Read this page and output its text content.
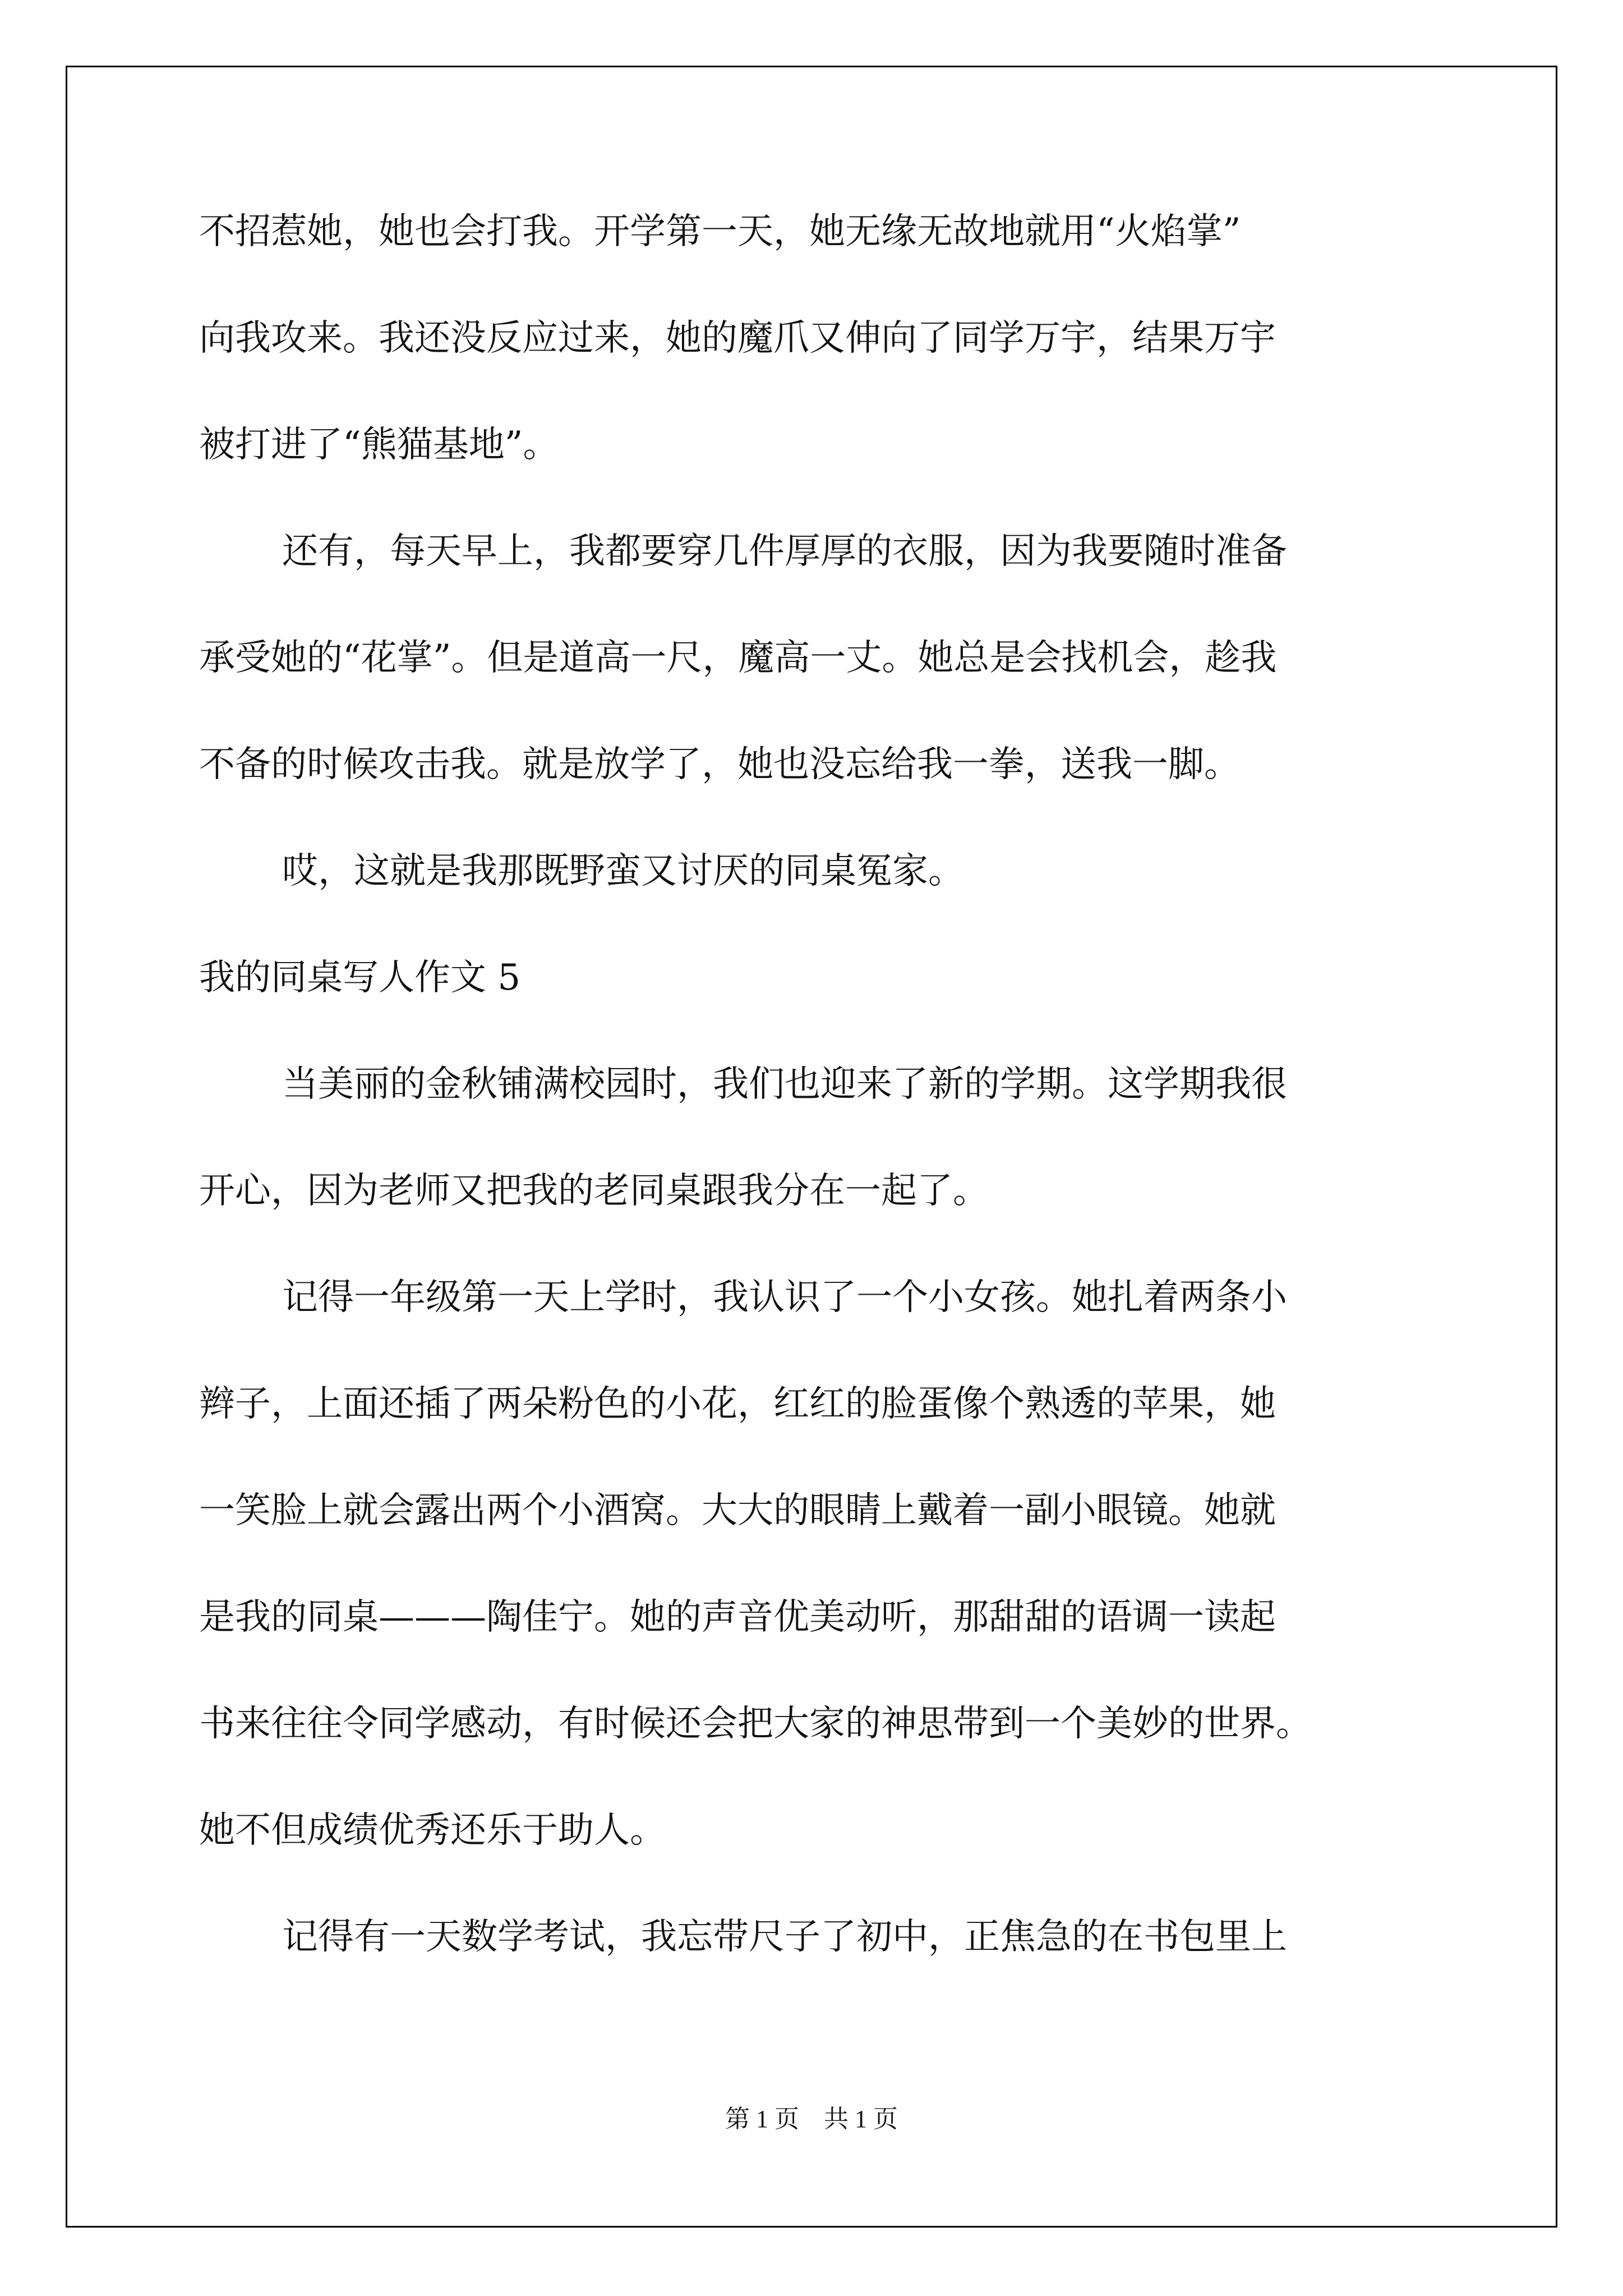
不招惹她，她也会打我。开学第一天，她无缘无故地就用“火焰掌”
向我攻来。我还没反应过来，她的魔爪又伸向了同学万宇，结果万宇
被打进了“熊猫基地”。
还有，每天早上，我都要穿几件厚厚的衣服，因为我要随时准备
承受她的“花掌”。但是道高一尺，魔高一丈。她总是会找机会，趁我
不备的时候攻击我。就是放学了，她也没忘给我一拳，送我一脚。
哎，这就是我那既野蛮又讨厌的同桌冤家。
我的同桌写人作文 5
当美丽的金秋铺满校园时，我们也迎来了新的学期。这学期我很
开心，因为老师又把我的老同桌跟我分在一起了。
记得一年级第一天上学时，我认识了一个小女孩。她扎着两条小
辫子，上面还插了两朵粉色的小花，红红的脸蛋像个熟透的苹果，她
一笑脸上就会露出两个小酒窝。大大的眼睛上戴着一副小眼镜。她就
是我的同桌———陶佳宁。她的声音优美动听，那甜甜的语调一读起
书来往往令同学感动，有时候还会把大家的神思带到一个美妙的世界。
她不但成绩优秀还乐于助人。
记得有一天数学考试，我忘带尺子了初中，正焦急的在书包里上
第 1 页 共 1 页
